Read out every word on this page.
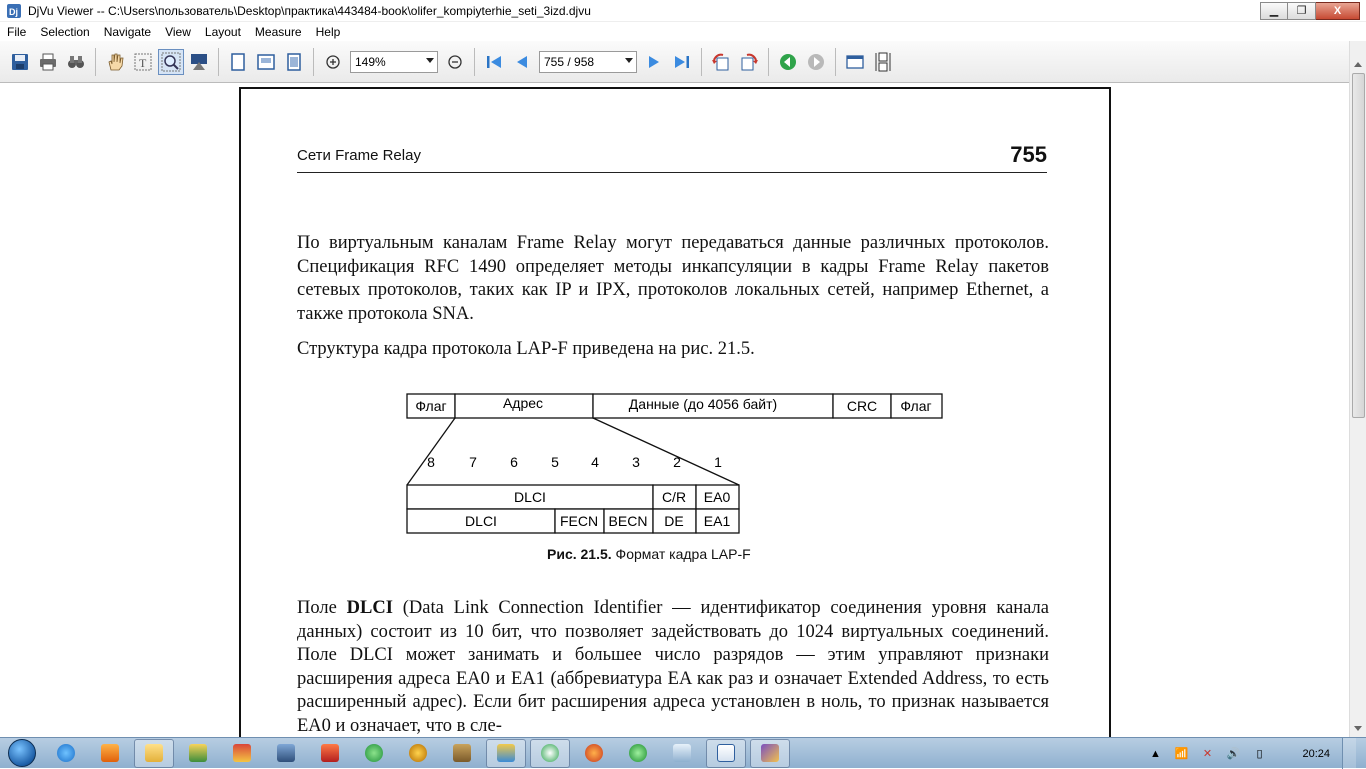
Dj DjVu Viewer -- C:\Users\пользователь\Desktop\практика\443484-book\olifer_kompiyterhie_seti_3izd.djvu	▁	❐	X
File	Selection	Navigate	View	Layout	Measure	Help
T	149%	755 / 958
Сети Frame Relay	755
По виртуальным каналам Frame Relay могут передаваться данные различных протоколов. Спецификация RFC 1490 определяет методы инкапсуляции в кадры Frame Relay пакетов сетевых протоколов, таких как IP и IPX, протоколов локальных сетей, например Ethernet, а также протокола SNA.
Структура кадра протокола LAP-F приведена на рис. 21.5.
Флаг	Адрес	Данные (до 4056 байт)	CRC Флаг
8 7 6 5 4 3 2 1
DLCI	C/R EA0
DLCI	FECN BECN DE EA1
Рис. 21.5. Формат кадра LAP-F
Поле DLCI (Data Link Connection Identifier — идентификатор соединения уровня канала данных) состоит из 10 бит, что позволяет задействовать до 1024 виртуальных соединений. Поле DLCI может занимать и большее число разрядов — этим управляют признаки расширения адреса EA0 и EA1 (аббревиатура EA как раз и означает Extended Address, то есть расширенный адрес). Если бит расширения адреса установлен в ноль, то признак называется EA0 и означает, что в сле-
▲ 📶	✕	🔊	▯	20:24
